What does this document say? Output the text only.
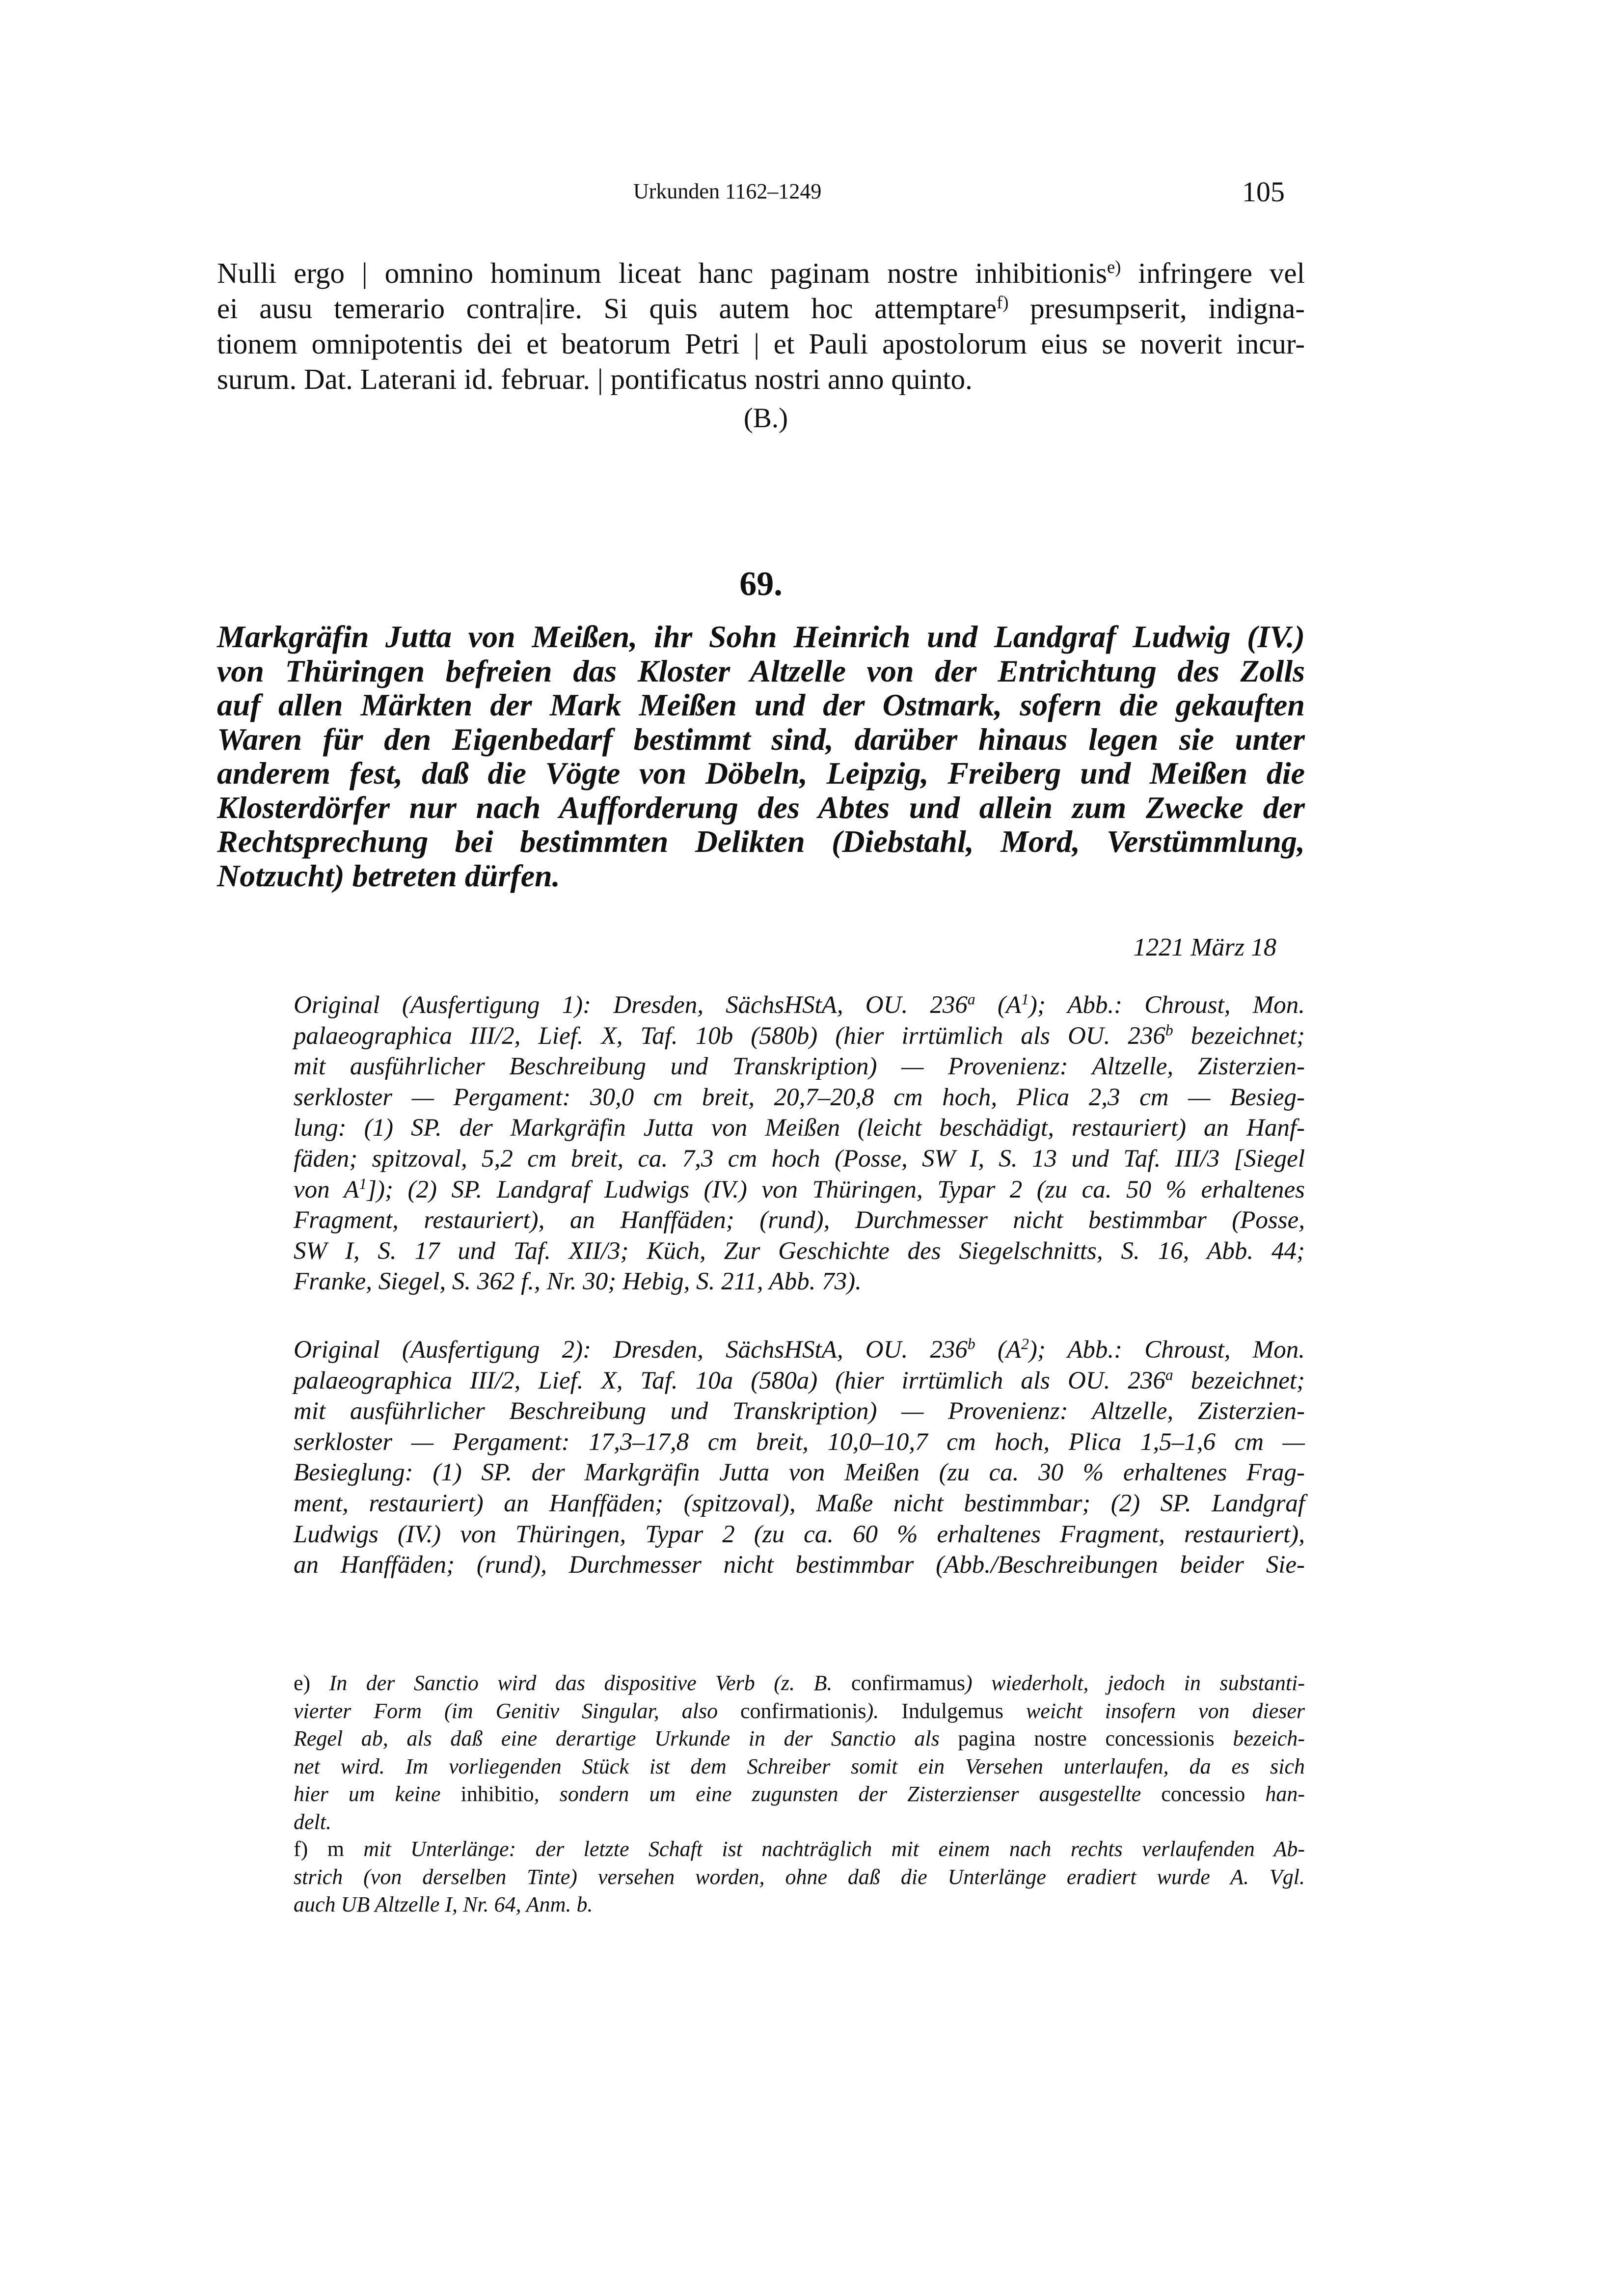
Urkunden 1162–1249	105
Nulli ergo | omnino hominum liceat hanc paginam nostre inhibitionis$^{e)}$ infringere vel
ei ausu temerario contra|ire. Si quis autem hoc attemptare$^{f)}$ presumpserit, indigna-
tionem omnipotentis dei et beatorum Petri | et Pauli apostolorum eius se noverit incur-
surum. Dat. Laterani id. februar. | pontificatus nostri anno quinto.
(B.)
69.
Markgräfin Jutta von Meißen, ihr Sohn Heinrich und Landgraf Ludwig (IV.)
von Thüringen befreien das Kloster Altzelle von der Entrichtung des Zolls
auf allen Märkten der Mark Meißen und der Ostmark, sofern die gekauften
Waren für den Eigenbedarf bestimmt sind, darüber hinaus legen sie unter
anderem fest, daß die Vögte von Döbeln, Leipzig, Freiberg und Meißen die
Klosterdörfer nur nach Aufforderung des Abtes und allein zum Zwecke der
Rechtsprechung bei bestimmten Delikten (Diebstahl, Mord, Verstümmlung,
Notzucht) betreten dürfen.
1221 März 18
Original (Ausfertigung 1): Dresden, SächsHStA, OU. 236$^a$ $(A^1)$; Abb.: Chroust, Mon.
palaeographica III/2, Lief. X, Taf. 10b (580b) (hier irrtümlich als OU. 236$^b$ bezeichnet;
mit ausführlicher Beschreibung und Transkription) — Provenienz: Altzelle, Zisterzien-
serkloster — Pergament: 30,0 cm breit, 20,7–20,8 cm hoch, Plica 2,3 cm — Besieg-
lung: (1) SP. der Markgräfin Jutta von Meißen (leicht beschädigt, restauriert) an Hanf-
fäden; spitzoval, 5,2 cm breit, ca. 7,3 cm hoch (Posse, SW I, S. 13 und Taf. III/3 [Siegel
von $A^1$]); (2) SP. Landgraf Ludwigs (IV.) von Thüringen, Typar 2 (zu ca. 50 % erhaltenes
Fragment, restauriert), an Hanffäden; (rund), Durchmesser nicht bestimmbar (Posse,
SW I, S. 17 und Taf. XII/3; Küch, Zur Geschichte des Siegelschnitts, S. 16, Abb. 44;
Franke, Siegel, S. 362 f., Nr. 30; Hebig, S. 211, Abb. 73).
Original (Ausfertigung 2): Dresden, SächsHStA, OU. 236$^b$ $(A^2)$; Abb.: Chroust, Mon.
palaeographica III/2, Lief. X, Taf. 10a (580a) (hier irrtümlich als OU. 236$^a$ bezeichnet;
mit ausführlicher Beschreibung und Transkription) — Provenienz: Altzelle, Zisterzien-
serkloster — Pergament: 17,3–17,8 cm breit, 10,0–10,7 cm hoch, Plica 1,5–1,6 cm —
Besieglung: (1) SP. der Markgräfin Jutta von Meißen (zu ca. 30 % erhaltenes Frag-
ment, restauriert) an Hanffäden; (spitzoval), Maße nicht bestimmbar; (2) SP. Landgraf
Ludwigs (IV.) von Thüringen, Typar 2 (zu ca. 60 % erhaltenes Fragment, restauriert),
an Hanffäden; (rund), Durchmesser nicht bestimmbar (Abb./Beschreibungen beider Sie-
e) In der Sanctio wird das dispositive Verb (z. B. confirmamus) wiederholt, jedoch in substanti-
vierter Form (im Genitiv Singular, also confirmationis). Indulgemus weicht insofern von dieser
Regel ab, als daß eine derartige Urkunde in der Sanctio als pagina nostre concessionis bezeich-
net wird. Im vorliegenden Stück ist dem Schreiber somit ein Versehen unterlaufen, da es sich
hier um keine inhibitio, sondern um eine zugunsten der Zisterzienser ausgestellte concessio han-
delt.
f) m mit Unterlänge: der letzte Schaft ist nachträglich mit einem nach rechts verlaufenden Ab-
strich (von derselben Tinte) versehen worden, ohne daß die Unterlänge eradiert wurde A. Vgl.
auch UB Altzelle I, Nr. 64, Anm. b.
